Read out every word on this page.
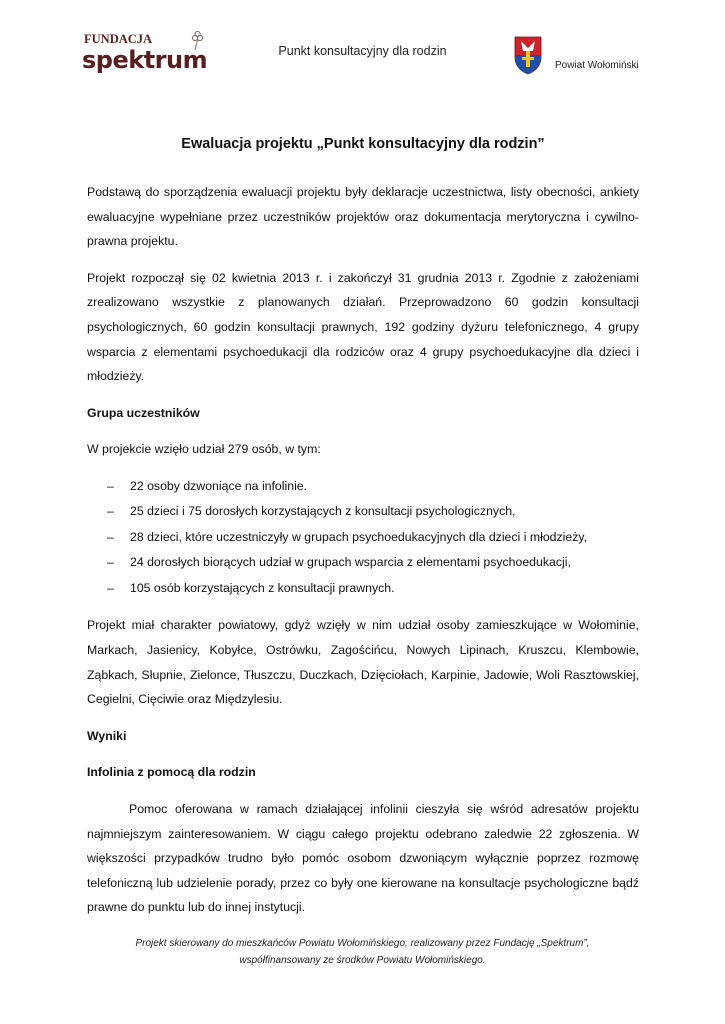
FUNDACJA
spektrum	Punkt konsultacyjny dla rodzin
Powiat Wołomiński
Ewaluacja projektu „Punkt konsultacyjny dla rodzin”

Podstawą do sporządzenia ewaluacji projektu były deklaracje uczestnictwa, listy obecności, ankiety ewaluacyjne wypełniane przez uczestników projektów oraz dokumentacja merytoryczna i cywilno-prawna projektu.

Projekt rozpoczął się 02 kwietnia 2013 r. i zakończył 31 grudnia 2013 r. Zgodnie z założeniami zrealizowano wszystkie z planowanych działań. Przeprowadzono 60 godzin konsultacji psychologicznych, 60 godzin konsultacji prawnych, 192 godziny dyżuru telefonicznego, 4 grupy wsparcia z elementami psychoedukacji dla rodziców oraz 4 grupy psychoedukacyjne dla dzieci i młodzieży.

Grupa uczestników

W projekcie wzięło udział 279 osób, w tym:

– 22 osoby dzwoniące na infolinie.
– 25 dzieci i 75 dorosłych korzystających z konsultacji psychologicznych,
– 28 dzieci, które uczestniczyły w grupach psychoedukacyjnych dla dzieci i młodzieży,
– 24 dorosłych biorących udział w grupach wsparcia z elementami psychoedukacji,
– 105 osób korzystających z konsultacji prawnych.

Projekt miał charakter powiatowy, gdyż wzięły w nim udział osoby zamieszkujące w Wołominie, Markach, Jasienicy, Kobyłce, Ostrówku, Zagościńcu, Nowych Lipinach, Kruszcu, Klembowie, Ząbkach, Słupnie, Zielonce, Tłuszczu, Duczkach, Dzięciołach, Karpinie, Jadowie, Woli Rasztowskiej, Cegielni, Cięciwie oraz Międzylesiu.

Wyniki
Infolinia z pomocą dla rodzin

Pomoc oferowana w ramach działającej infolinii cieszyła się wśród adresatów projektu najmniejszym zainteresowaniem. W ciągu całego projektu odebrano zaledwie 22 zgłoszenia. W większości przypadków trudno było pomóc osobom dzwoniącym wyłącznie poprzez rozmowę telefoniczną lub udzielenie porady, przez co były one kierowane na konsultacje psychologiczne bądź prawne do punktu lub do innej instytucji.

Projekt skierowany do mieszkańców Powiatu Wołomińskiego, realizowany przez Fundację „Spektrum”,
współfinansowany ze środków Powiatu Wołomińskiego.
